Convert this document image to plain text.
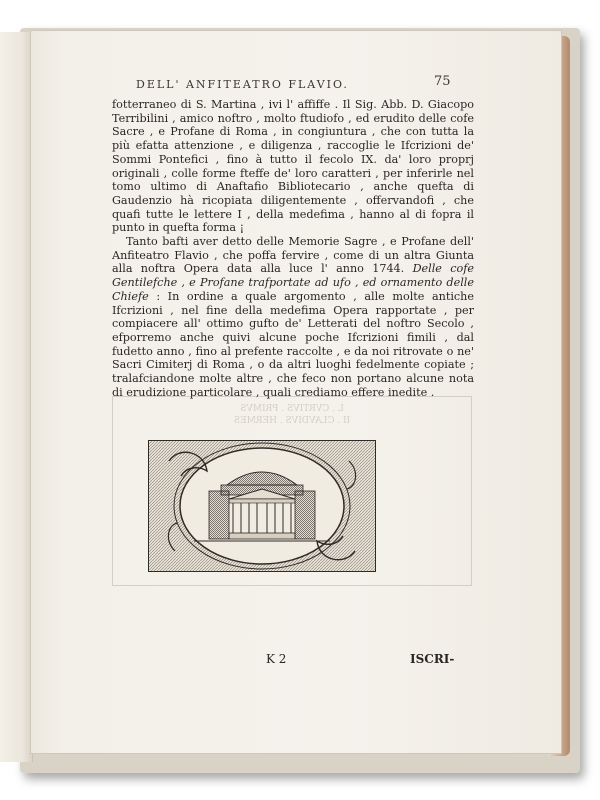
DELL' ANFITEATRO FLAVIO.	75

fotterraneo di S. Martina , ivi l' affiffe . Il Sig. Abb. D. Giacopo Terribilini , amico noftro , molto ftudiofo , ed erudito delle cofe Sacre , e Profane di Roma , in congiuntura , che con tutta la più efatta attenzione , e diligenza , raccoglie le Ifcrizioni de' Sommi Pontefici , fino à tutto il fecolo IX. da' loro proprj originali , colle forme fteffe de' loro caratteri , per inferirle nel tomo ultimo di Anaftafio Bibliotecario , anche quefta di Gaudenzio hà ricopiata diligentemente , offervandofi , che quafi tutte le lettere I , della medefima , hanno al di fopra il punto in quefta forma ¡

Tanto bafti aver detto delle Memorie Sagre , e Profane dell' Anfiteatro Flavio , che poffa fervire , come di un altra Giunta alla noftra Opera data alla luce l' anno 1744. Delle cofe Gentilefche , e Profane trafportate ad ufo , ed ornamento delle Chiefe : In ordine a quale argomento , alle molte antiche Ifcrizioni , nel fine della medefima Opera rapportate , per compiacere all' ottimo gufto de' Letterati del noftro Secolo , efporremo anche quivi alcune poche Ifcrizioni fimili , dal fudetto anno , fino al prefente raccolte , e da noi ritrovate o ne' Sacri Cimiterj di Roma , o da altri luoghi fedelmente copiate ; tralafciandone molte altre , che feco non portano alcune nota di erudizione particolare , quali crediamo effere inedite .

L . CVRTIVS . PRIMVS
II . CLAVDIVS . HERMES
K 2	ISCRI-
